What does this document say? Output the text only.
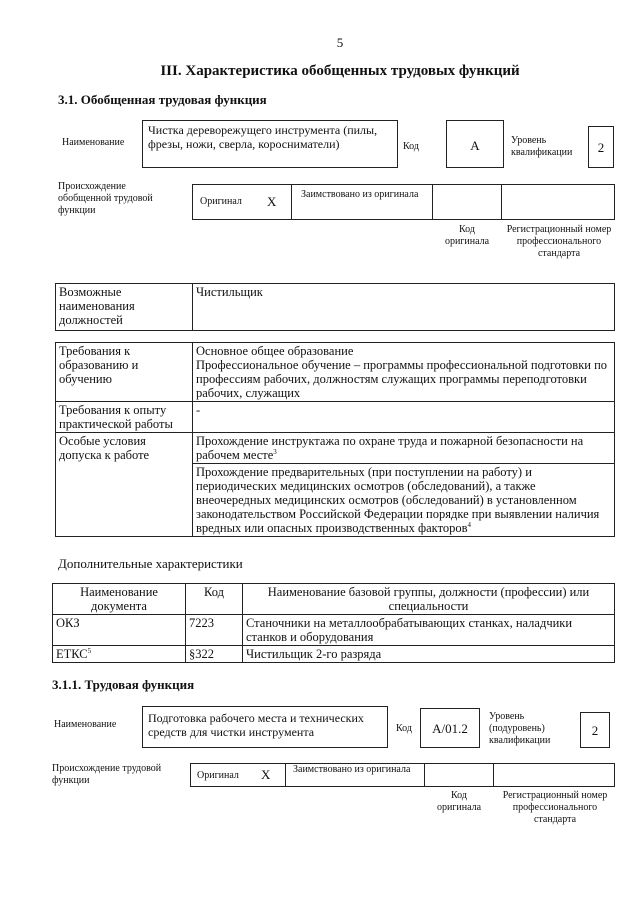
5
III. Характеристика обобщенных трудовых функций
3.1. Обобщенная трудовая функция
Наименование
Чистка дереворежущего инструмента (пилы, фрезы, ножи, сверла, коросниматели)	Код	A	Уровень квалификации	2
Происхождение обобщенной трудовой функции
Оригинал X Заимствовано из оригинала
Код оригинала
Регистрационный номер профессионального стандарта
Возможные наименования должностей	Чистильщик
Требования к образованию и обучению	Основное общее образование
	Профессиональное обучение – программы профессиональной подготовки по профессиям рабочих, должностям служащих программы переподготовки рабочих, служащих
Требования к опыту практической работы	-
Особые условия допуска к работе	Прохождение инструктажа по охране труда и пожарной безопасности на рабочем месте$^3$
	Прохождение предварительных (при поступлении на работу) и периодических медицинских осмотров (обследований), а также внеочередных медицинских осмотров (обследований) в установленном законодательством Российской Федерации порядке при выявлении наличия вредных или опасных производственных факторов$^4$
Дополнительные характеристики
Наименование документа	Код	Наименование базовой группы, должности (профессии) или специальности
ОКЗ	7223	Станочники на металлообрабатывающих станках, наладчики станков и оборудования
ЕТКС$^5$	§322	Чистильщик 2-го разряда
3.1.1. Трудовая функция
Наименование	Подготовка рабочего места и технических средств для чистки инструмента	Код	A/01.2
Уровень (подуровень) квалификации
2
Происхождение трудовой функции	Оригинал X Заимствовано из оригинала
Код оригинала
Регистрационный номер профессионального стандарта
